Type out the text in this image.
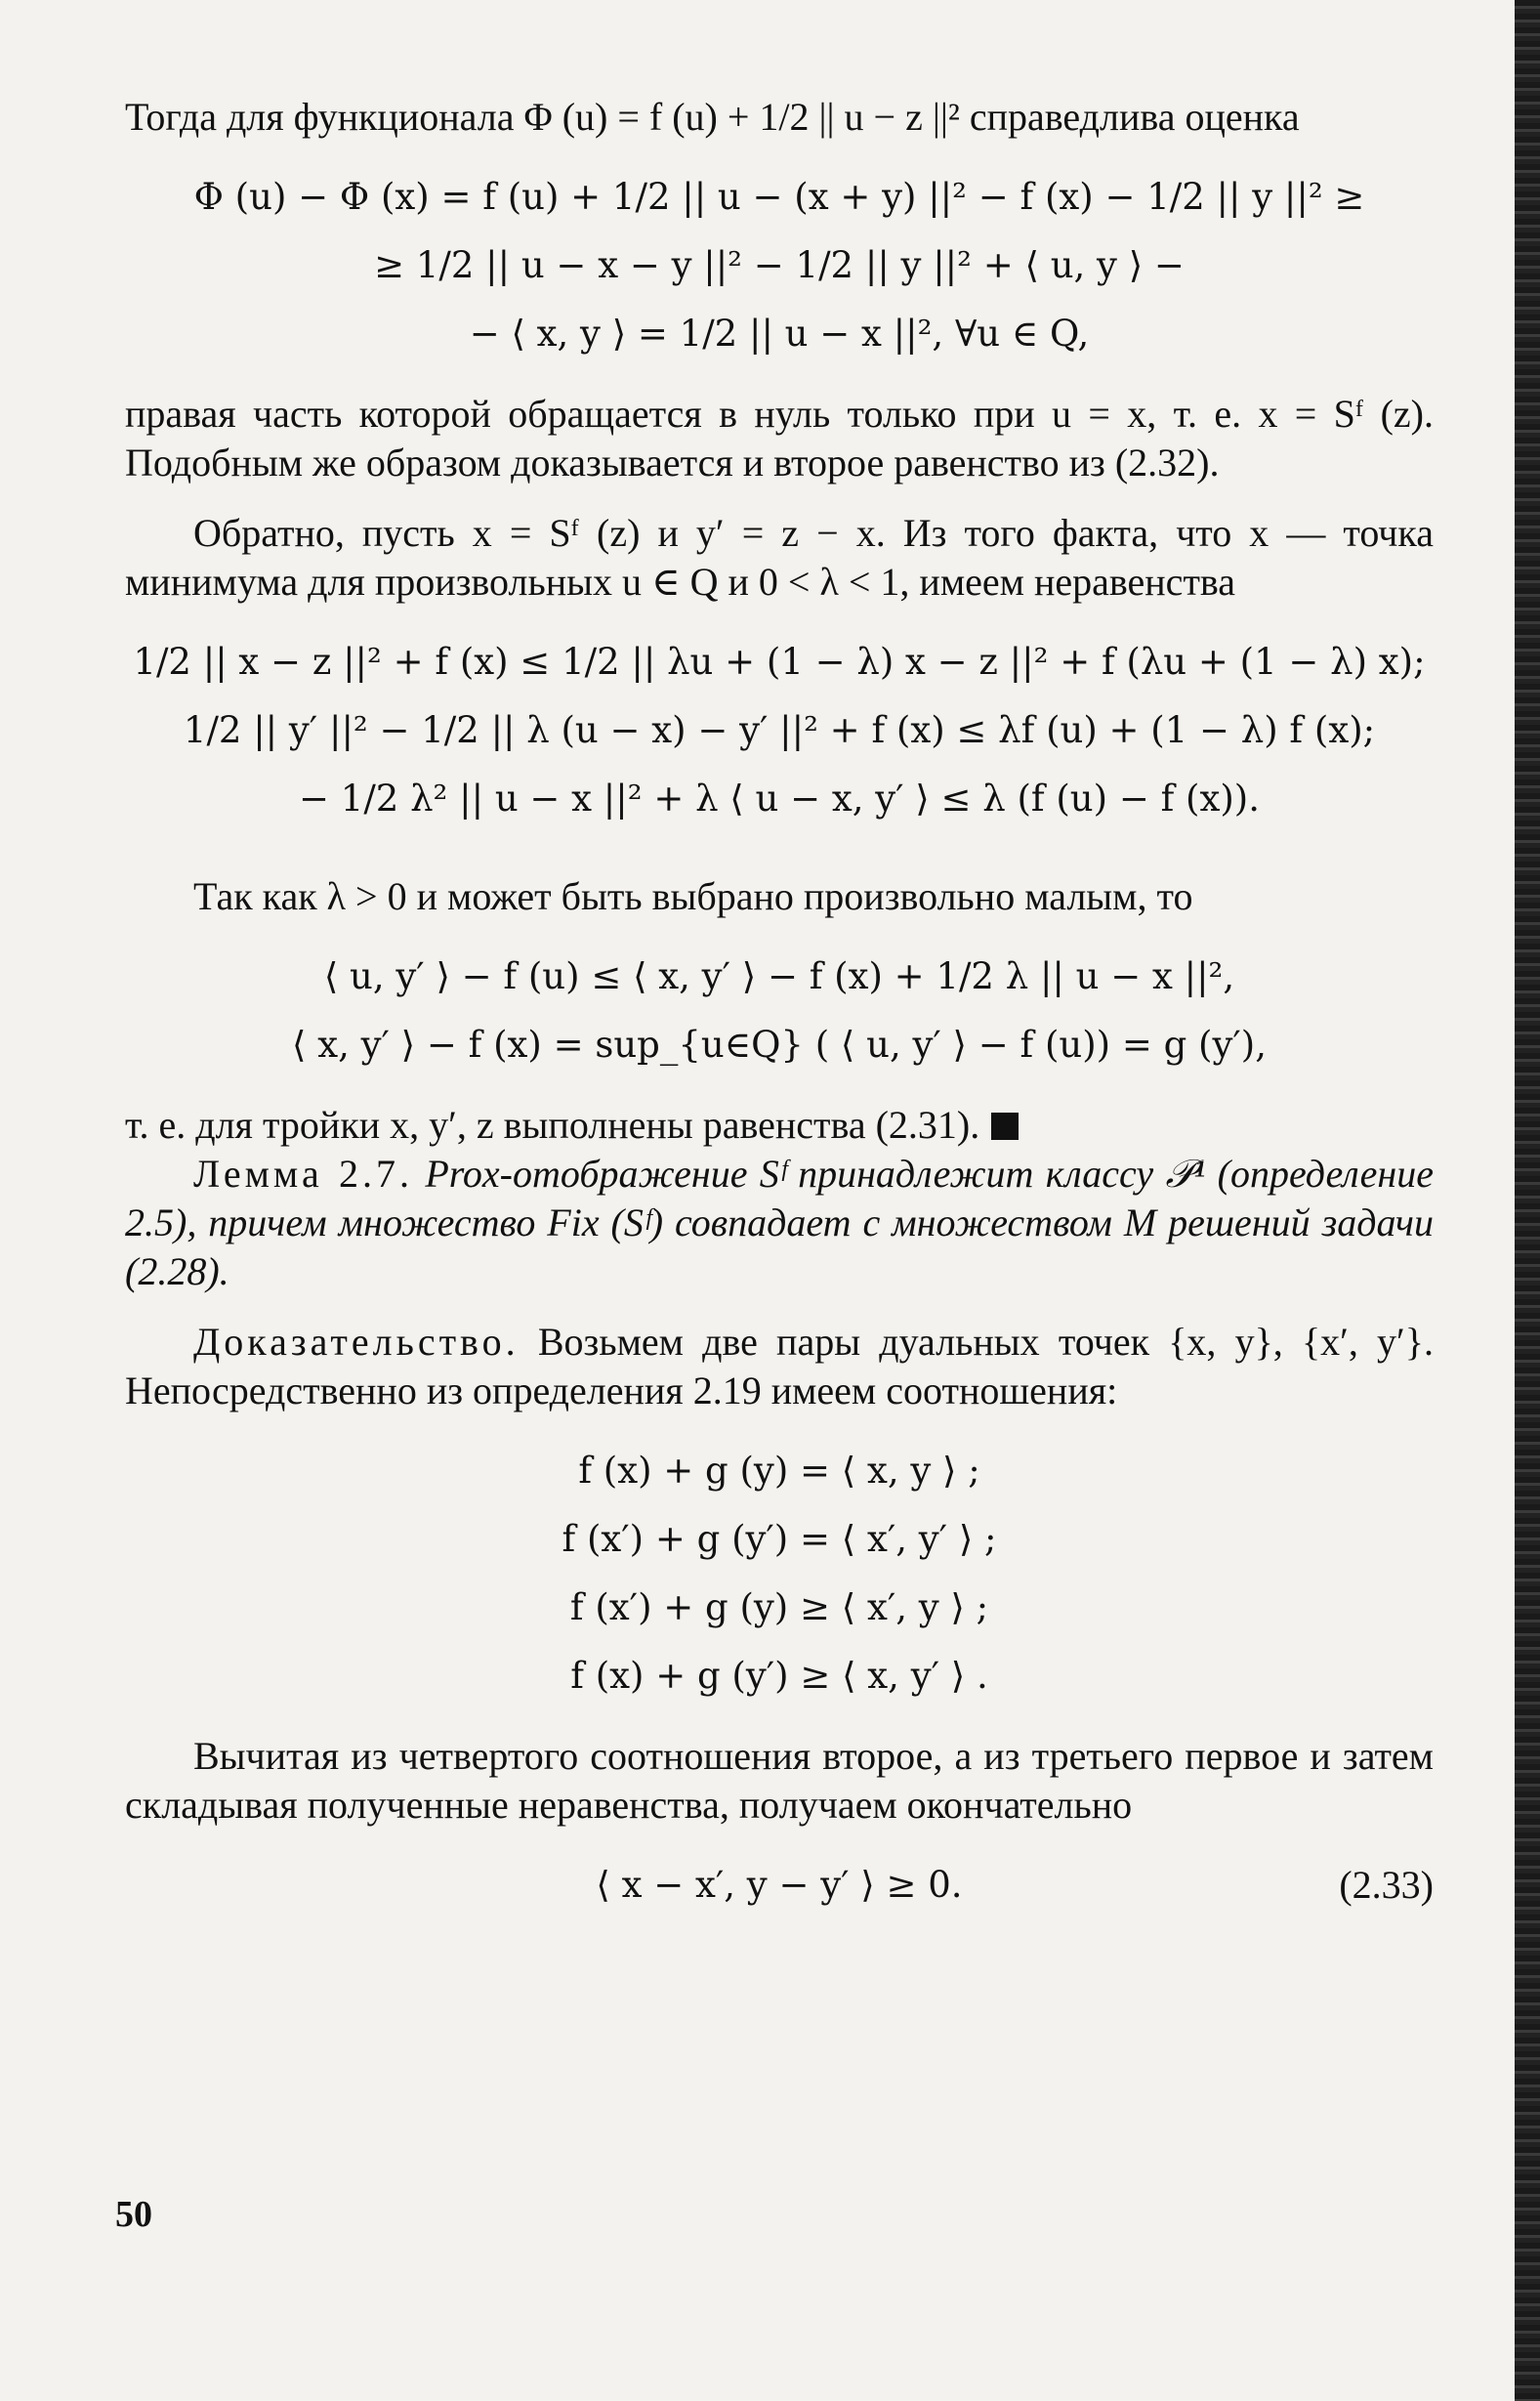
Тогда для функционала Φ (u) = f (u) + 1/2 || u − z ||² справедлива оценка

Φ (u) − Φ (x) = f (u) + 1/2 || u − (x + y) ||² − f (x) − 1/2 || y ||² ≥
≥ 1/2 || u − x − y ||² − 1/2 || y ||² + ⟨ u, y ⟩ −
− ⟨ x, y ⟩ = 1/2 || u − x ||², ∀u ∈ Q,

правая часть которой обращается в нуль только при u = x, т. е. x = Sᶠ (z). Подобным же образом доказывается и второе равенство из (2.32).

Обратно, пусть x = Sᶠ (z) и y′ = z − x. Из того факта, что x — точка минимума для произвольных u ∈ Q и 0 < λ < 1, имеем неравенства

1/2 || x − z ||² + f (x) ≤ 1/2 || λu + (1 − λ) x − z ||² + f (λu + (1 − λ) x);
1/2 || y′ ||² − 1/2 || λ (u − x) − y′ ||² + f (x) ≤ λf (u) + (1 − λ) f (x);
− 1/2 λ² || u − x ||² + λ ⟨ u − x, y′ ⟩ ≤ λ (f (u) − f (x)).

Так как λ > 0 и может быть выбрано произвольно малым, то

⟨ u, y′ ⟩ − f (u) ≤ ⟨ x, y′ ⟩ − f (x) + 1/2 λ || u − x ||²,
⟨ x, y′ ⟩ − f (x) = sup_{u∈Q} ( ⟨ u, y′ ⟩ − f (u)) = g (y′),

т. е. для тройки x, y′, z выполнены равенства (2.31).

Лемма 2.7. Prox-отображение Sᶠ принадлежит классу 𝒫¹ (определение 2.5), причем множество Fix (Sᶠ) совпадает с множеством M решений задачи (2.28).

Доказательство. Возьмем две пары дуальных точек {x, y}, {x′, y′}. Непосредственно из определения 2.19 имеем соотношения:

f (x) + g (y) = ⟨ x, y ⟩ ;
f (x′) + g (y′) = ⟨ x′, y′ ⟩ ;
f (x′) + g (y) ≥ ⟨ x′, y ⟩ ;
f (x) + g (y′) ≥ ⟨ x, y′ ⟩ .

Вычитая из четвертого соотношения второе, а из третьего первое и затем складывая полученные неравенства, получаем окончательно

⟨ x − x′, y − y′ ⟩ ≥ 0.	(2.33)
50
